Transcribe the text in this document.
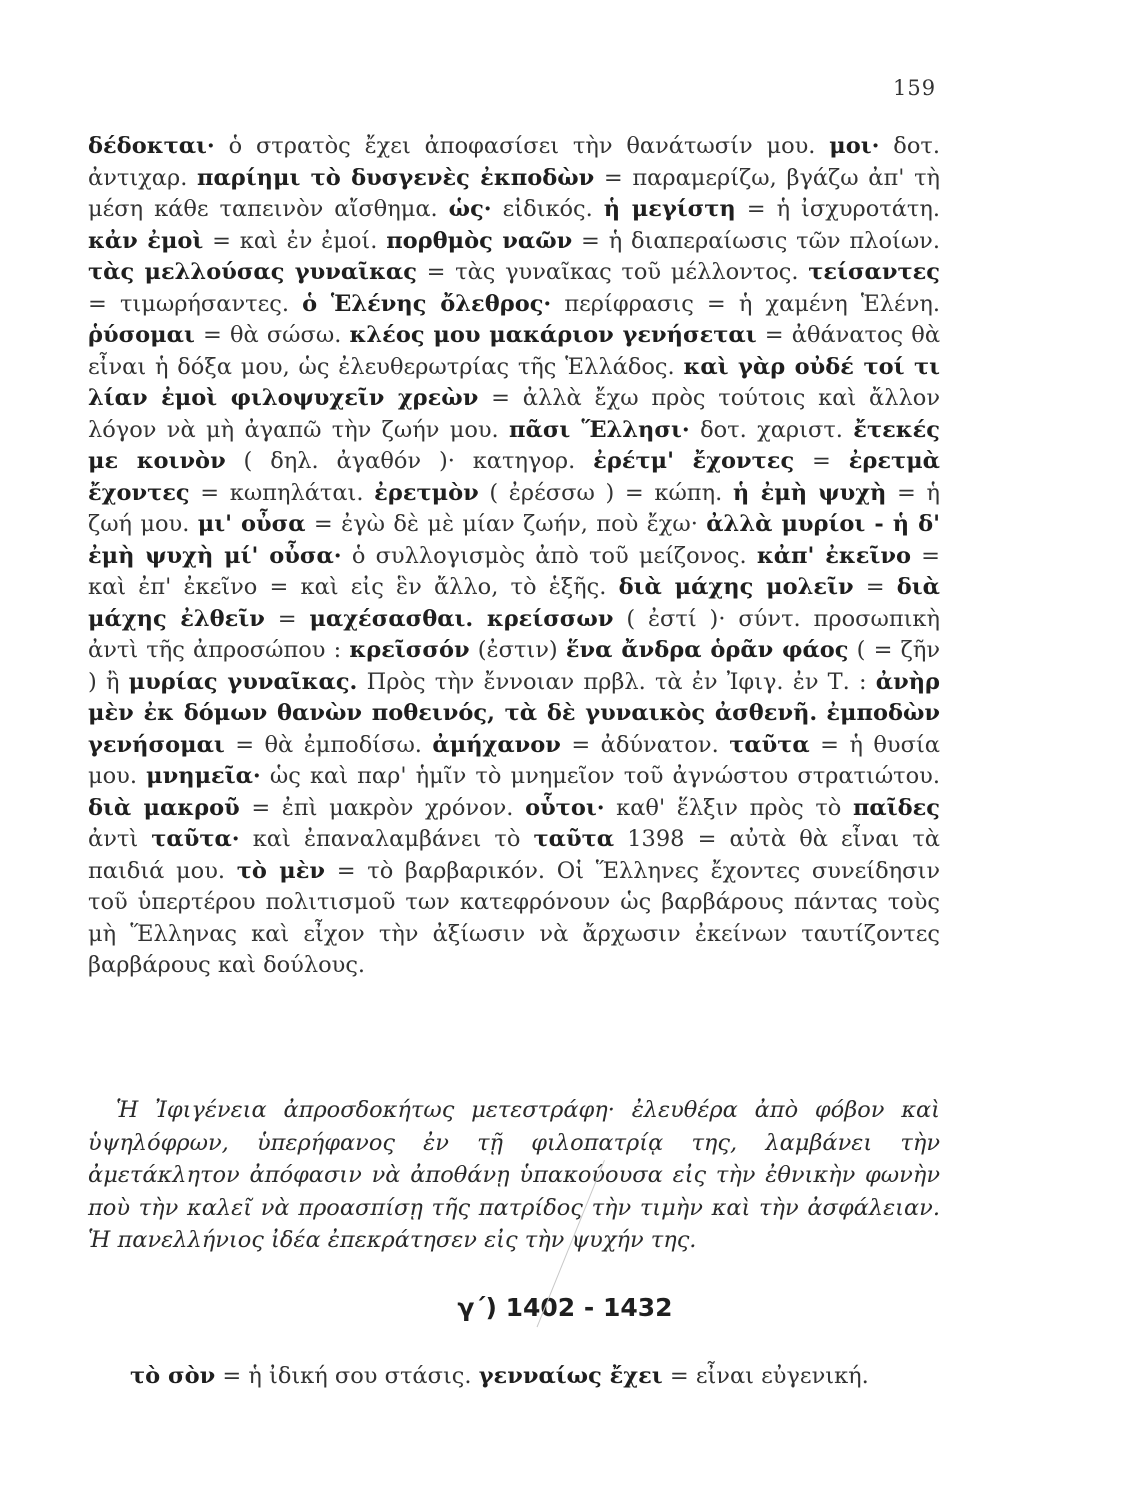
159
δέδοκται· ὁ στρατὸς ἔχει ἀποφασίσει τὴν θανάτωσίν μου. μοι· δοτ. ἀντιχαρ. παρίημι τὸ δυσγενὲς ἐκποδὼν = παραμερίζω, βγάζω ἀπ' τὴ μέση κάθε ταπεινὸν αἴσθημα. ὡς· εἰδικός. ἡ μεγίστη = ἡ ἰσχυροτάτη. κἀν ἐμοὶ = καὶ ἐν ἐμοί. πορθμὸς ναῶν = ἡ διαπεραίωσις τῶν πλοίων. τὰς μελλούσας γυναῖκας = τὰς γυναῖκας τοῦ μέλλοντος. τείσαντες = τιμωρήσαντες. ὁ Ἑλένης ὄλεθρος· περίφρασις = ἡ χαμένη Ἑλένη. ῥύσομαι = θὰ σώσω. κλέος μου μακάριον γενήσεται = ἀθάνατος θὰ εἶναι ἡ δόξα μου, ὡς ἐλευθερωτρίας τῆς Ἑλλάδος. καὶ γὰρ οὐδέ τοί τι λίαν ἐμοὶ φιλοψυχεῖν χρεὼν = ἀλλὰ ἔχω πρὸς τούτοις καὶ ἄλλον λόγον νὰ μὴ ἀγαπῶ τὴν ζωήν μου. πᾶσι Ἕλλησι· δοτ. χαριστ. ἔτεκές με κοινὸν ( δηλ. ἀγαθόν )· κατηγορ. ἐρέτμ' ἔχοντες = ἐρετμὰ ἔχοντες = κωπηλάται. ἐρετμὸν ( ἐρέσσω ) = κώπη. ἡ ἐμὴ ψυχὴ = ἡ ζωή μου. μι' οὖσα = ἐγὼ δὲ μὲ μίαν ζωήν, ποὺ ἔχω· ἀλλὰ μυρίοι - ἡ δ' ἐμὴ ψυχὴ μί' οὖσα· ὁ συλλογισμὸς ἀπὸ τοῦ μείζονος. κἀπ' ἐκεῖνο = καὶ ἐπ' ἐκεῖνο = καὶ εἰς ἓν ἄλλο, τὸ ἑξῆς. διὰ μάχης μολεῖν = διὰ μάχης ἐλθεῖν = μαχέσασθαι. κρείσσων ( ἐστί )· σύντ. προσωπικὴ ἀντὶ τῆς ἀπροσώπου : κρεῖσσόν (ἐστιν) ἕνα ἄνδρα ὁρᾶν φάος ( = ζῆν ) ἢ μυρίας γυναῖκας. Πρὸς τὴν ἔννοιαν πρβλ. τὰ ἐν Ἰφιγ. ἐν Τ. : ἀνὴρ μὲν ἐκ δόμων θανὼν ποθεινός, τὰ δὲ γυναικὸς ἀσθενῆ. ἐμποδὼν γενήσομαι = θὰ ἐμποδίσω. ἀμήχανον = ἀδύνατον. ταῦτα = ἡ θυσία μου. μνημεῖα· ὡς καὶ παρ' ἡμῖν τὸ μνημεῖον τοῦ ἀγνώστου στρατιώτου. διὰ μακροῦ = ἐπὶ μακρὸν χρόνον. οὗτοι· καθ' ἕλξιν πρὸς τὸ παῖδες ἀντὶ ταῦτα· καὶ ἐπαναλαμβάνει τὸ ταῦτα 1398 = αὐτὰ θὰ εἶναι τὰ παιδιά μου. τὸ μὲν = τὸ βαρβαρικόν. Οἱ Ἕλληνες ἔχοντες συνείδησιν τοῦ ὑπερτέρου πολιτισμοῦ των κατεφρόνουν ὡς βαρβάρους πάντας τοὺς μὴ Ἕλληνας καὶ εἶχον τὴν ἀξίωσιν νὰ ἄρχωσιν ἐκείνων ταυτίζοντες βαρβάρους καὶ δούλους.
Ἡ Ἰφιγένεια ἀπροσδοκήτως μετεστράφη· ἐλευθέρα ἀπὸ φόβον καὶ ὑψηλόφρων, ὑπερήφανος ἐν τῇ φιλοπατρίᾳ της, λαμβάνει τὴν ἀμετάκλητον ἀπόφασιν νὰ ἀποθάνῃ ὑπακούουσα εἰς τὴν ἐθνικὴν φωνὴν ποὺ τὴν καλεῖ νὰ προασπίσῃ τῆς πατρίδος τὴν τιμὴν καὶ τὴν ἀσφάλειαν. Ἡ πανελλήνιος ἰδέα ἐπεκράτησεν εἰς τὴν ψυχήν της.
γ΄) 1402 - 1432
τὸ σὸν = ἡ ἰδική σου στάσις. γενναίως ἔχει = εἶναι εὐγενική.
